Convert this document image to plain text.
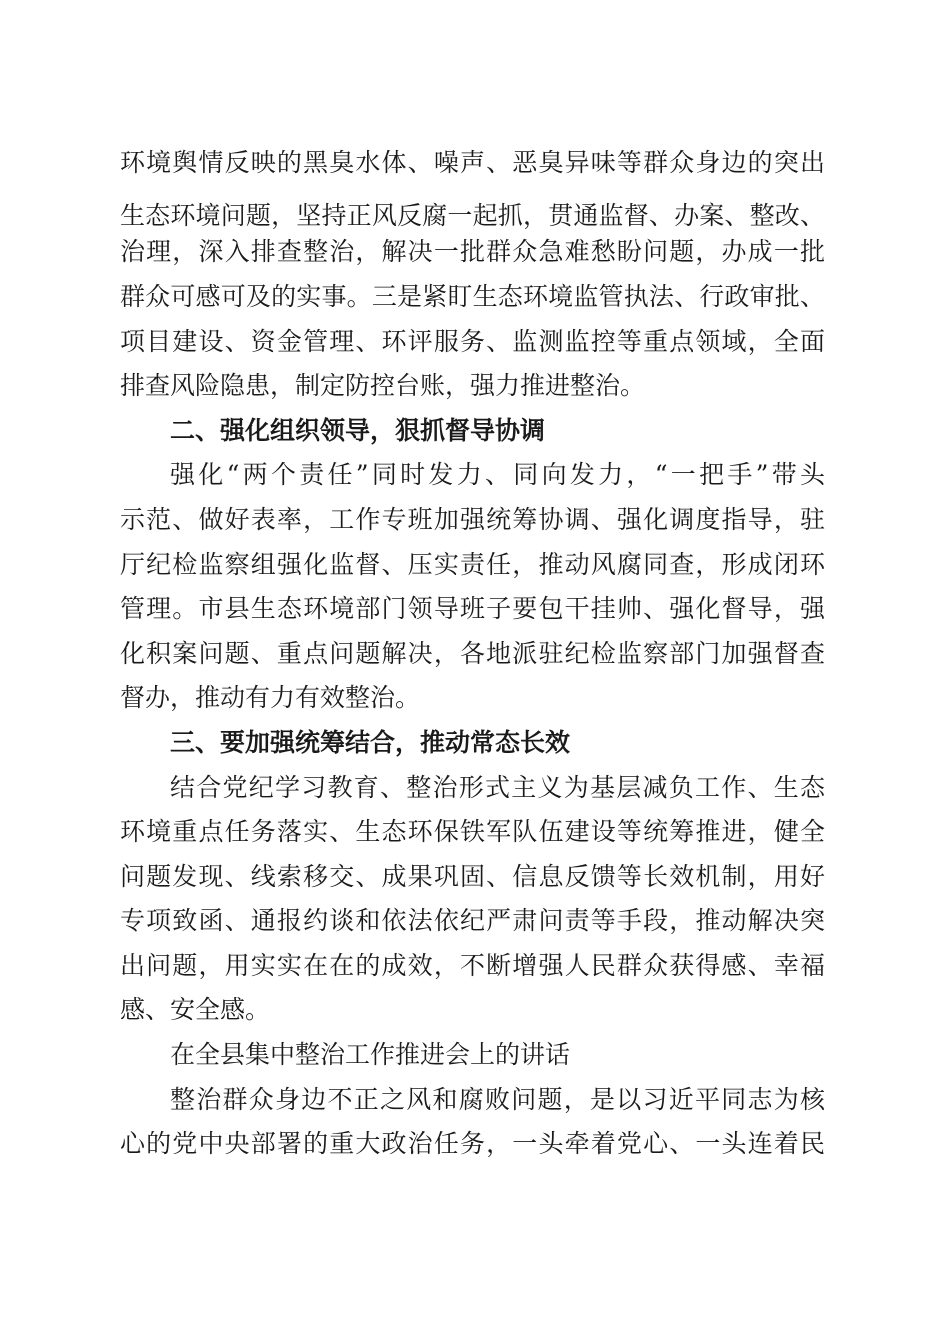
环境舆情反映的黑臭水体、噪声、恶臭异味等群众身边的突出
生态环境问题，坚持正风反腐一起抓，贯通监督、办案、整改、
治理，深入排查整治，解决一批群众急难愁盼问题，办成一批
群众可感可及的实事。三是紧盯生态环境监管执法、行政审批、
项目建设、资金管理、环评服务、监测监控等重点领域，全面
排查风险隐患，制定防控台账，强力推进整治。
二、强化组织领导，狠抓督导协调
强化“两个责任”同时发力、同向发力，“一把手”带头
示范、做好表率，工作专班加强统筹协调、强化调度指导，驻
厅纪检监察组强化监督、压实责任，推动风腐同查，形成闭环
管理。市县生态环境部门领导班子要包干挂帅、强化督导，强
化积案问题、重点问题解决，各地派驻纪检监察部门加强督查
督办，推动有力有效整治。
三、要加强统筹结合，推动常态长效
结合党纪学习教育、整治形式主义为基层减负工作、生态
环境重点任务落实、生态环保铁军队伍建设等统筹推进，健全
问题发现、线索移交、成果巩固、信息反馈等长效机制，用好
专项致函、通报约谈和依法依纪严肃问责等手段，推动解决突
出问题，用实实在在的成效，不断增强人民群众获得感、幸福
感、安全感。
在全县集中整治工作推进会上的讲话
整治群众身边不正之风和腐败问题，是以习近平同志为核
心的党中央部署的重大政治任务，一头牵着党心、一头连着民
